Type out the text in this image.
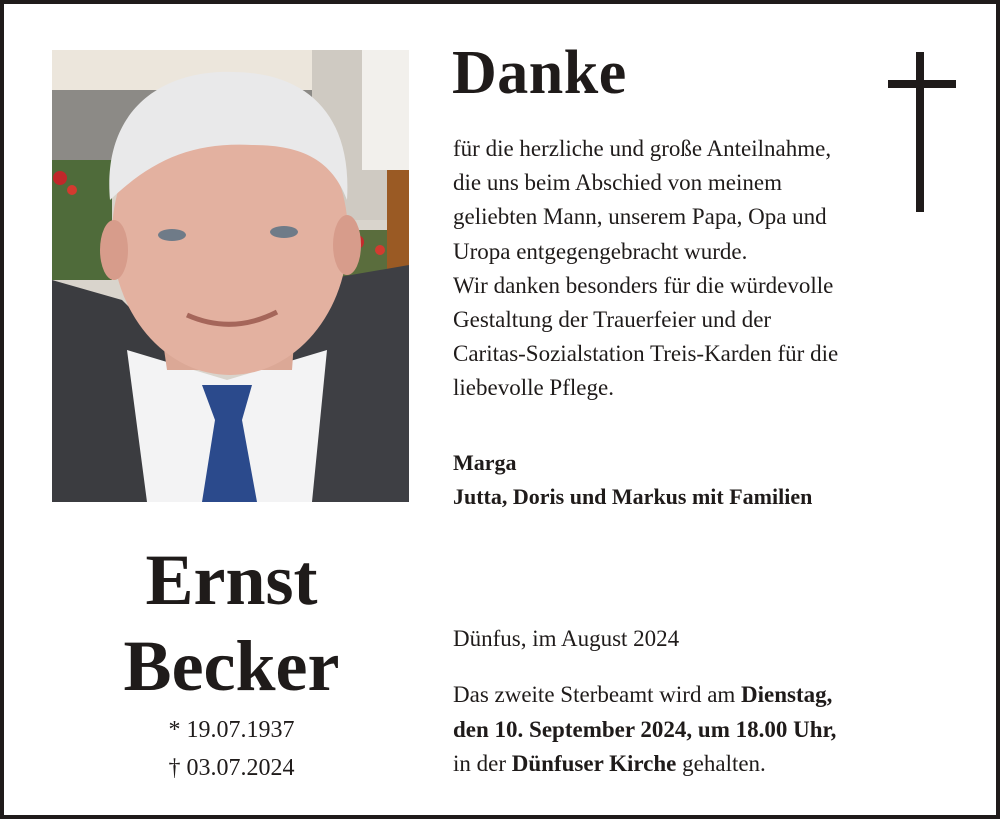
Danke

für die herzliche und große Anteilnahme,

die uns beim Abschied von meinem

geliebten Mann, unserem Papa, Opa und

Uropa entgegengebracht wurde.

Wir danken besonders für die würdevolle

Gestaltung der Trauerfeier und der

Caritas-Sozialstation Treis-Karden für die

liebevolle Pflege.

Marga
Jutta, Doris und Markus mit Familien
Ernst
Becker
* 19.07.1937
† 03.07.2024
Dünfus, im August 2024
Das zweite Sterbeamt wird am Dienstag,
den 10. September 2024, um 18.00 Uhr,
in der Dünfuser Kirche gehalten.
